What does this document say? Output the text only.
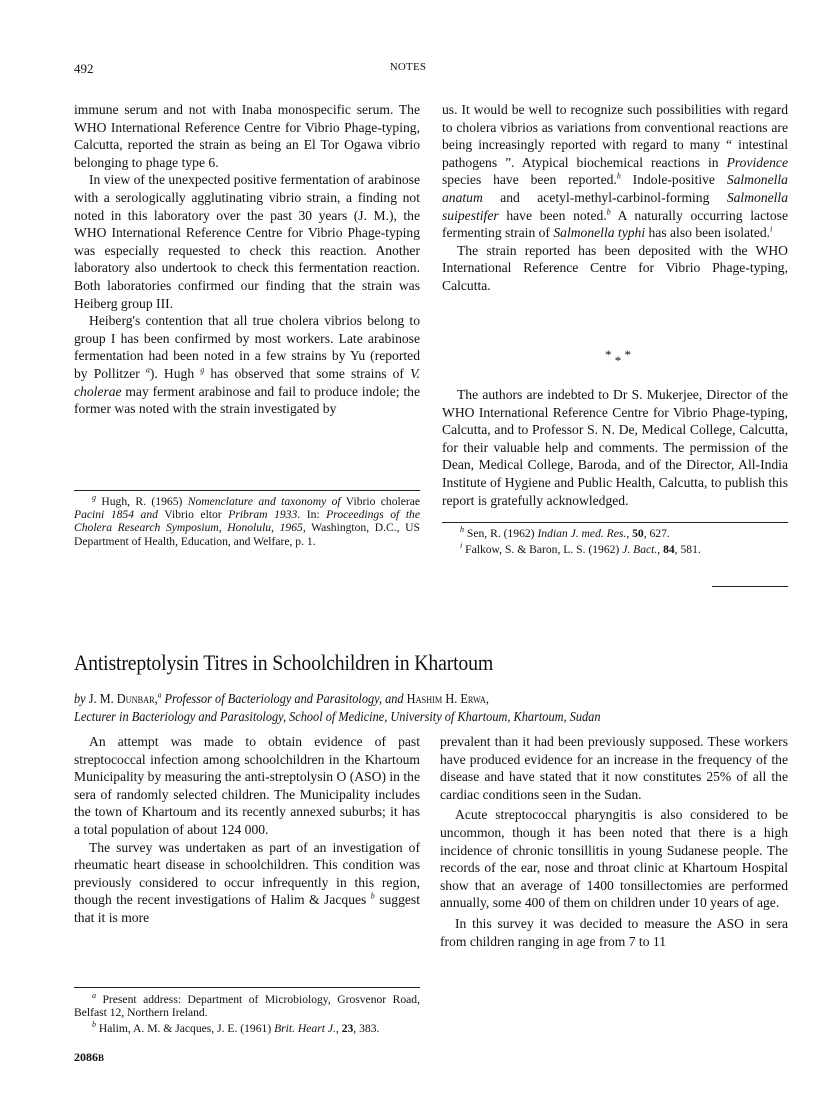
492	NOTES

immune serum and not with Inaba monospecific serum. The WHO International Reference Centre for Vibrio Phage-typing, Calcutta, reported the strain as being an El Tor Ogawa vibrio belonging to phage type 6.

In view of the unexpected positive fermentation of arabinose with a serologically agglutinating vibrio strain, a finding not noted in this laboratory over the past 30 years (J. M.), the WHO International Reference Centre for Vibrio Phage-typing was especially requested to check this reaction. Another laboratory also undertook to check this fermentation reaction. Both laboratories confirmed our finding that the strain was Heiberg group III.

Heiberg's contention that all true cholera vibrios belong to group I has been confirmed by most workers. Late arabinose fermentation had been noted in a few strains by Yu (reported by Pollitzer $^a$). Hugh $^g$ has observed that some strains of V. cholerae may ferment arabinose and fail to produce indole; the former was noted with the strain investigated by

$^g$ Hugh, R. (1965) Nomenclature and taxonomy of Vibrio cholerae Pacini 1854 and Vibrio eltor Pribram 1933. In: Proceedings of the Cholera Research Symposium, Honolulu, 1965, Washington, D.C., US Department of Health, Education, and Welfare, p. 1.

us. It would be well to recognize such possibilities with regard to cholera vibrios as variations from conventional reactions are being increasingly reported with regard to many “ intestinal pathogens ”. Atypical biochemical reactions in Providence species have been reported.$^h$ Indole-positive Salmonella anatum and acetyl-methyl-carbinol-forming Salmonella suipestifer have been noted.$^b$ A naturally occurring lactose fermenting strain of Salmonella typhi has also been isolated.$^i$

The strain reported has been deposited with the WHO International Reference Centre for Vibrio Phage-typing, Calcutta.

* * *

The authors are indebted to Dr S. Mukerjee, Director of the WHO International Reference Centre for Vibrio Phage-typing, Calcutta, and to Professor S. N. De, Medical College, Calcutta, for their valuable help and comments. The permission of the Dean, Medical College, Baroda, and of the Director, All-India Institute of Hygiene and Public Health, Calcutta, to publish this report is gratefully acknowledged.

$^h$ Sen, R. (1962) Indian J. med. Res., 50, 627.

$^i$ Falkow, S. & Baron, L. S. (1962) J. Bact., 84, 581.

Antistreptolysin Titres in Schoolchildren in Khartoum
by J. M. Dunbar,$^a$ Professor of Bacteriology and Parasitology, and Hashim H. Erwa,
Lecturer in Bacteriology and Parasitology, School of Medicine, University of Khartoum, Khartoum, Sudan

An attempt was made to obtain evidence of past streptococcal infection among schoolchildren in the Khartoum Municipality by measuring the anti-streptolysin O (ASO) in the sera of randomly selected children. The Municipality includes the town of Khartoum and its recently annexed suburbs; it has a total population of about 124 000.

The survey was undertaken as part of an investigation of rheumatic heart disease in schoolchildren. This condition was previously considered to occur infrequently in this region, though the recent investigations of Halim & Jacques $^b$ suggest that it is more

$^a$ Present address: Department of Microbiology, Grosvenor Road, Belfast 12, Northern Ireland.

$^b$ Halim, A. M. & Jacques, J. E. (1961) Brit. Heart J., 23, 383.

prevalent than it had been previously supposed. These workers have produced evidence for an increase in the frequency of the disease and have stated that it now constitutes 25% of all the cardiac conditions seen in the Sudan.

Acute streptococcal pharyngitis is also considered to be uncommon, though it has been noted that there is a high incidence of chronic tonsillitis in young Sudanese people. The records of the ear, nose and throat clinic at Khartoum Hospital show that an average of 1400 tonsillectomies are performed annually, some 400 of them on children under 10 years of age.

In this survey it was decided to measure the ASO in sera from children ranging in age from 7 to 11

2086B
